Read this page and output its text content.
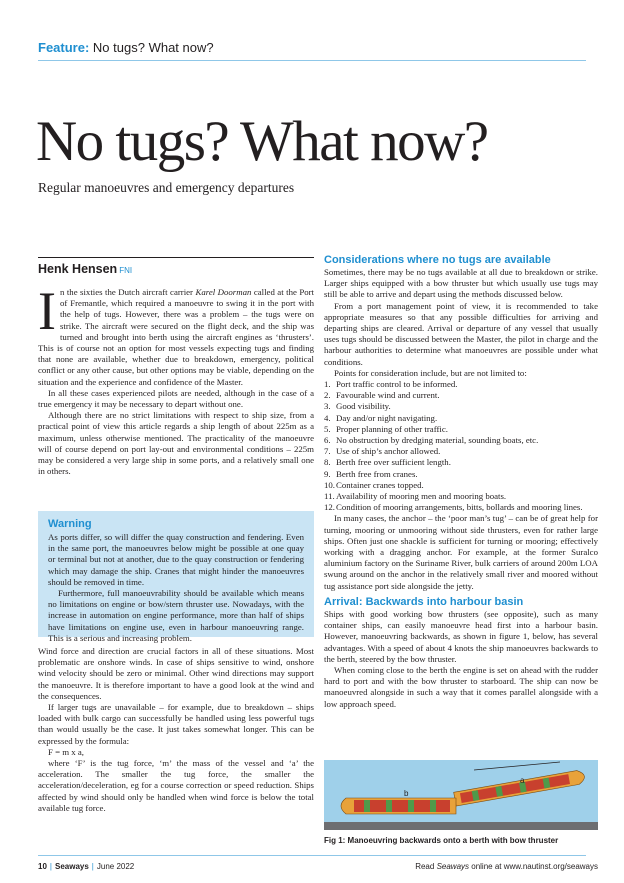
Feature: No tugs? What now?
No tugs? What now?
Regular manoeuvres and emergency departures
Henk Hensen FNI

In the sixties the Dutch aircraft carrier Karel Doorman called at the Port of Fremantle, which required a manoeuvre to swing it in the port with the help of tugs. However, there was a problem – the tugs were on strike. The aircraft were secured on the flight deck, and the ship was turned and brought into berth using the aircraft engines as ‘thrusters’. This is of course not an option for most vessels expecting tugs and finding that none are available, whether due to breakdown, emergency, political conflict or any other cause, but other options may be viable, depending on the situation and the experience and confidence of the Master.

In all these cases experienced pilots are needed, although in the case of a true emergency it may be necessary to depart without one.

Although there are no strict limitations with respect to ship size, from a practical point of view this article regards a ship length of about 225m as a maximum, unless otherwise mentioned. The practicality of the manoeuvre will of course depend on port lay-out and environmental conditions – 225m may be considered a very large ship in some ports, and a relatively small one in others.

Warning

As ports differ, so will differ the quay construction and fendering. Even in the same port, the manoeuvres below might be possible at one quay or terminal but not at another, due to the quay construction or fendering which may damage the ship. Cranes that might hinder the manoeuvres should be removed in time.

Furthermore, full manoeuvrability should be available which means no limitations on engine or bow/stern thruster use. Nowadays, with the increase in automation on engine performance, more than half of ships have limitations on engine use, even in harbour manoeuvring range. This is a serious and increasing problem.

Wind force and direction are crucial factors in all of these situations. Most problematic are onshore winds. In case of ships sensitive to wind, onshore wind velocity should be zero or minimal. Other wind directions may support the manoeuvre. It is therefore important to have a good look at the wind and the consequences.

If larger tugs are unavailable – for example, due to breakdown – ships loaded with bulk cargo can successfully be handled using less powerful tugs than would usually be the case. It just takes somewhat longer. This can be expressed by the formula:

F = m x a,

where ‘F’ is the tug force, ‘m’ the mass of the vessel and ‘a’ the acceleration. The smaller the tug force, the smaller the acceleration/deceleration, eg for a course correction or speed reduction. Ships affected by wind should only be handled when wind force is below the total available tug force.

Considerations where no tugs are available

Sometimes, there may be no tugs available at all due to breakdown or strike. Larger ships equipped with a bow thruster but which usually use tugs may still be able to arrive and depart using the methods discussed below.

From a port management point of view, it is recommended to take appropriate measures so that any possible difficulties for arriving and departing ships are cleared. Arrival or departure of any vessel that usually uses tugs should be discussed between the Master, the pilot in charge and the harbour authorities to determine what manoeuvres are possible under what conditions.

Points for consideration include, but are not limited to:

1. Port traffic control to be informed.
2. Favourable wind and current.
3. Good visibility.
4. Day and/or night navigating.
5. Proper planning of other traffic.
6. No obstruction by dredging material, sounding boats, etc.
7. Use of ship’s anchor allowed.
8. Berth free over sufficient length.
9. Berth free from cranes.
10. Container cranes topped.
11. Availability of mooring men and mooring boats.
12. Condition of mooring arrangements, bitts, bollards and mooring lines.

In many cases, the anchor – the ‘poor man’s tug’ – can be of great help for turning, mooring or unmooring without side thrusters, even for rather large ships. Often just one shackle is sufficient for turning or mooring; effectively working with a dragging anchor. For example, at the former Suralco aluminium factory on the Suriname River, bulk carriers of around 200m LOA swung around on the anchor in the relatively small river and moored without tug assistance port side alongside the jetty.

Arrival: Backwards into harbour basin

Ships with good working bow thrusters (see opposite), such as many container ships, can easily manoeuvre head first into a harbour basin. However, manoeuvring backwards, as shown in figure 1, below, has several advantages. With a speed of about 4 knots the ship manoeuvres backwards to the berth, steered by the bow thruster.

When coming close to the berth the engine is set on ahead with the rudder hard to port and with the bow thruster to starboard. The ship can now be manoeuvred alongside in such a way that it comes parallel alongside with a low approach speed.

a
b
Fig 1: Manoeuvring backwards onto a berth with bow thruster
10 | Seaways | June 2022	Read Seaways online at www.nautinst.org/seaways
